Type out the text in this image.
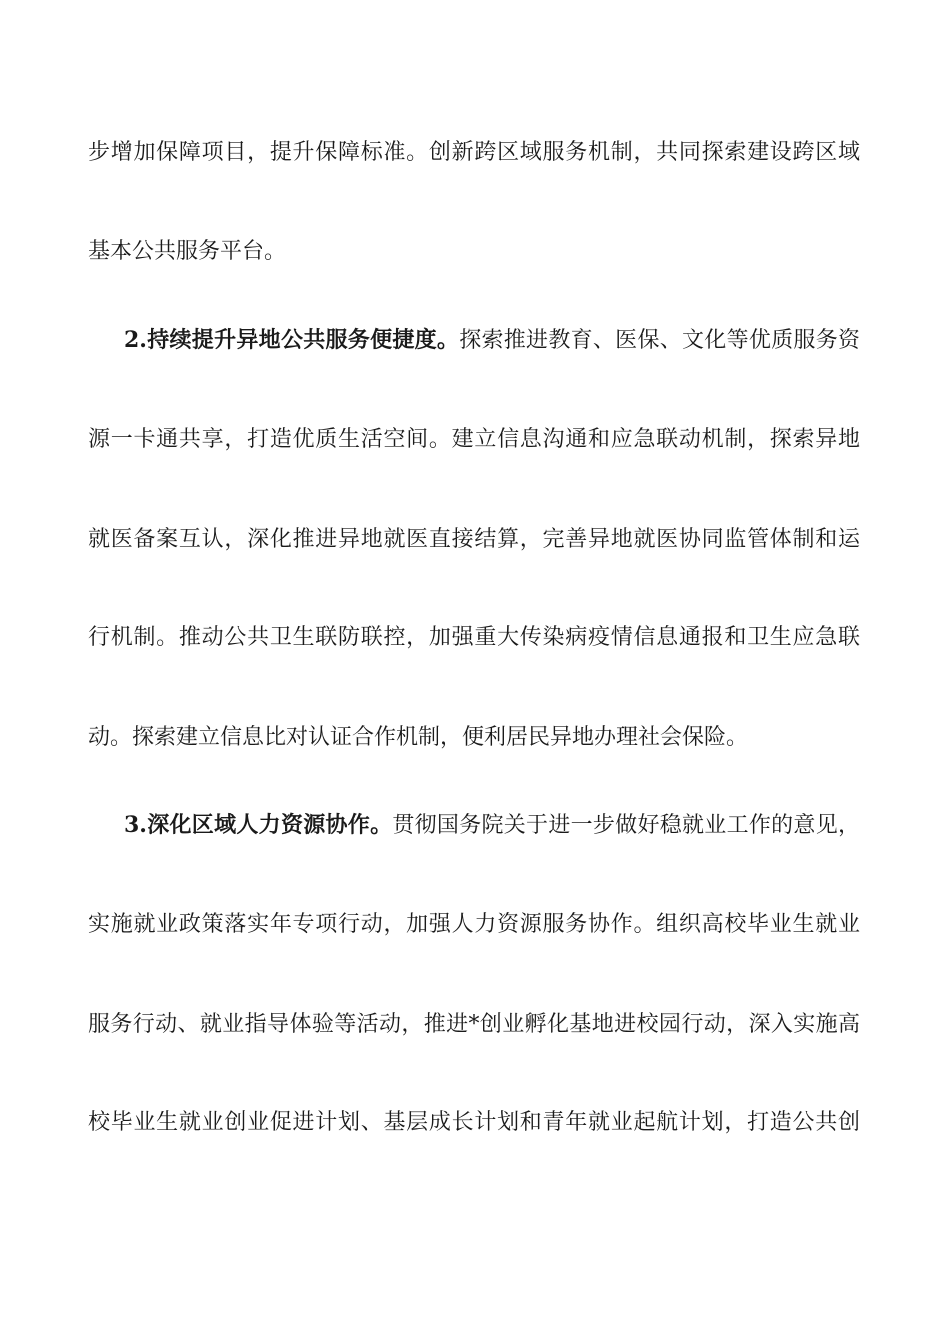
步增加保障项目，提升保障标准。创新跨区域服务机制，共同探索建设跨区域
基本公共服务平台。
2.持续提升异地公共服务便捷度。探索推进教育、医保、文化等优质服务资
源一卡通共享，打造优质生活空间。建立信息沟通和应急联动机制，探索异地
就医备案互认，深化推进异地就医直接结算，完善异地就医协同监管体制和运
行机制。推动公共卫生联防联控，加强重大传染病疫情信息通报和卫生应急联
动。探索建立信息比对认证合作机制，便利居民异地办理社会保险。
3.深化区域人力资源协作。贯彻国务院关于进一步做好稳就业工作的意见，
实施就业政策落实年专项行动，加强人力资源服务协作。组织高校毕业生就业
服务行动、就业指导体验等活动，推进*创业孵化基地进校园行动，深入实施高
校毕业生就业创业促进计划、基层成长计划和青年就业起航计划，打造公共创
